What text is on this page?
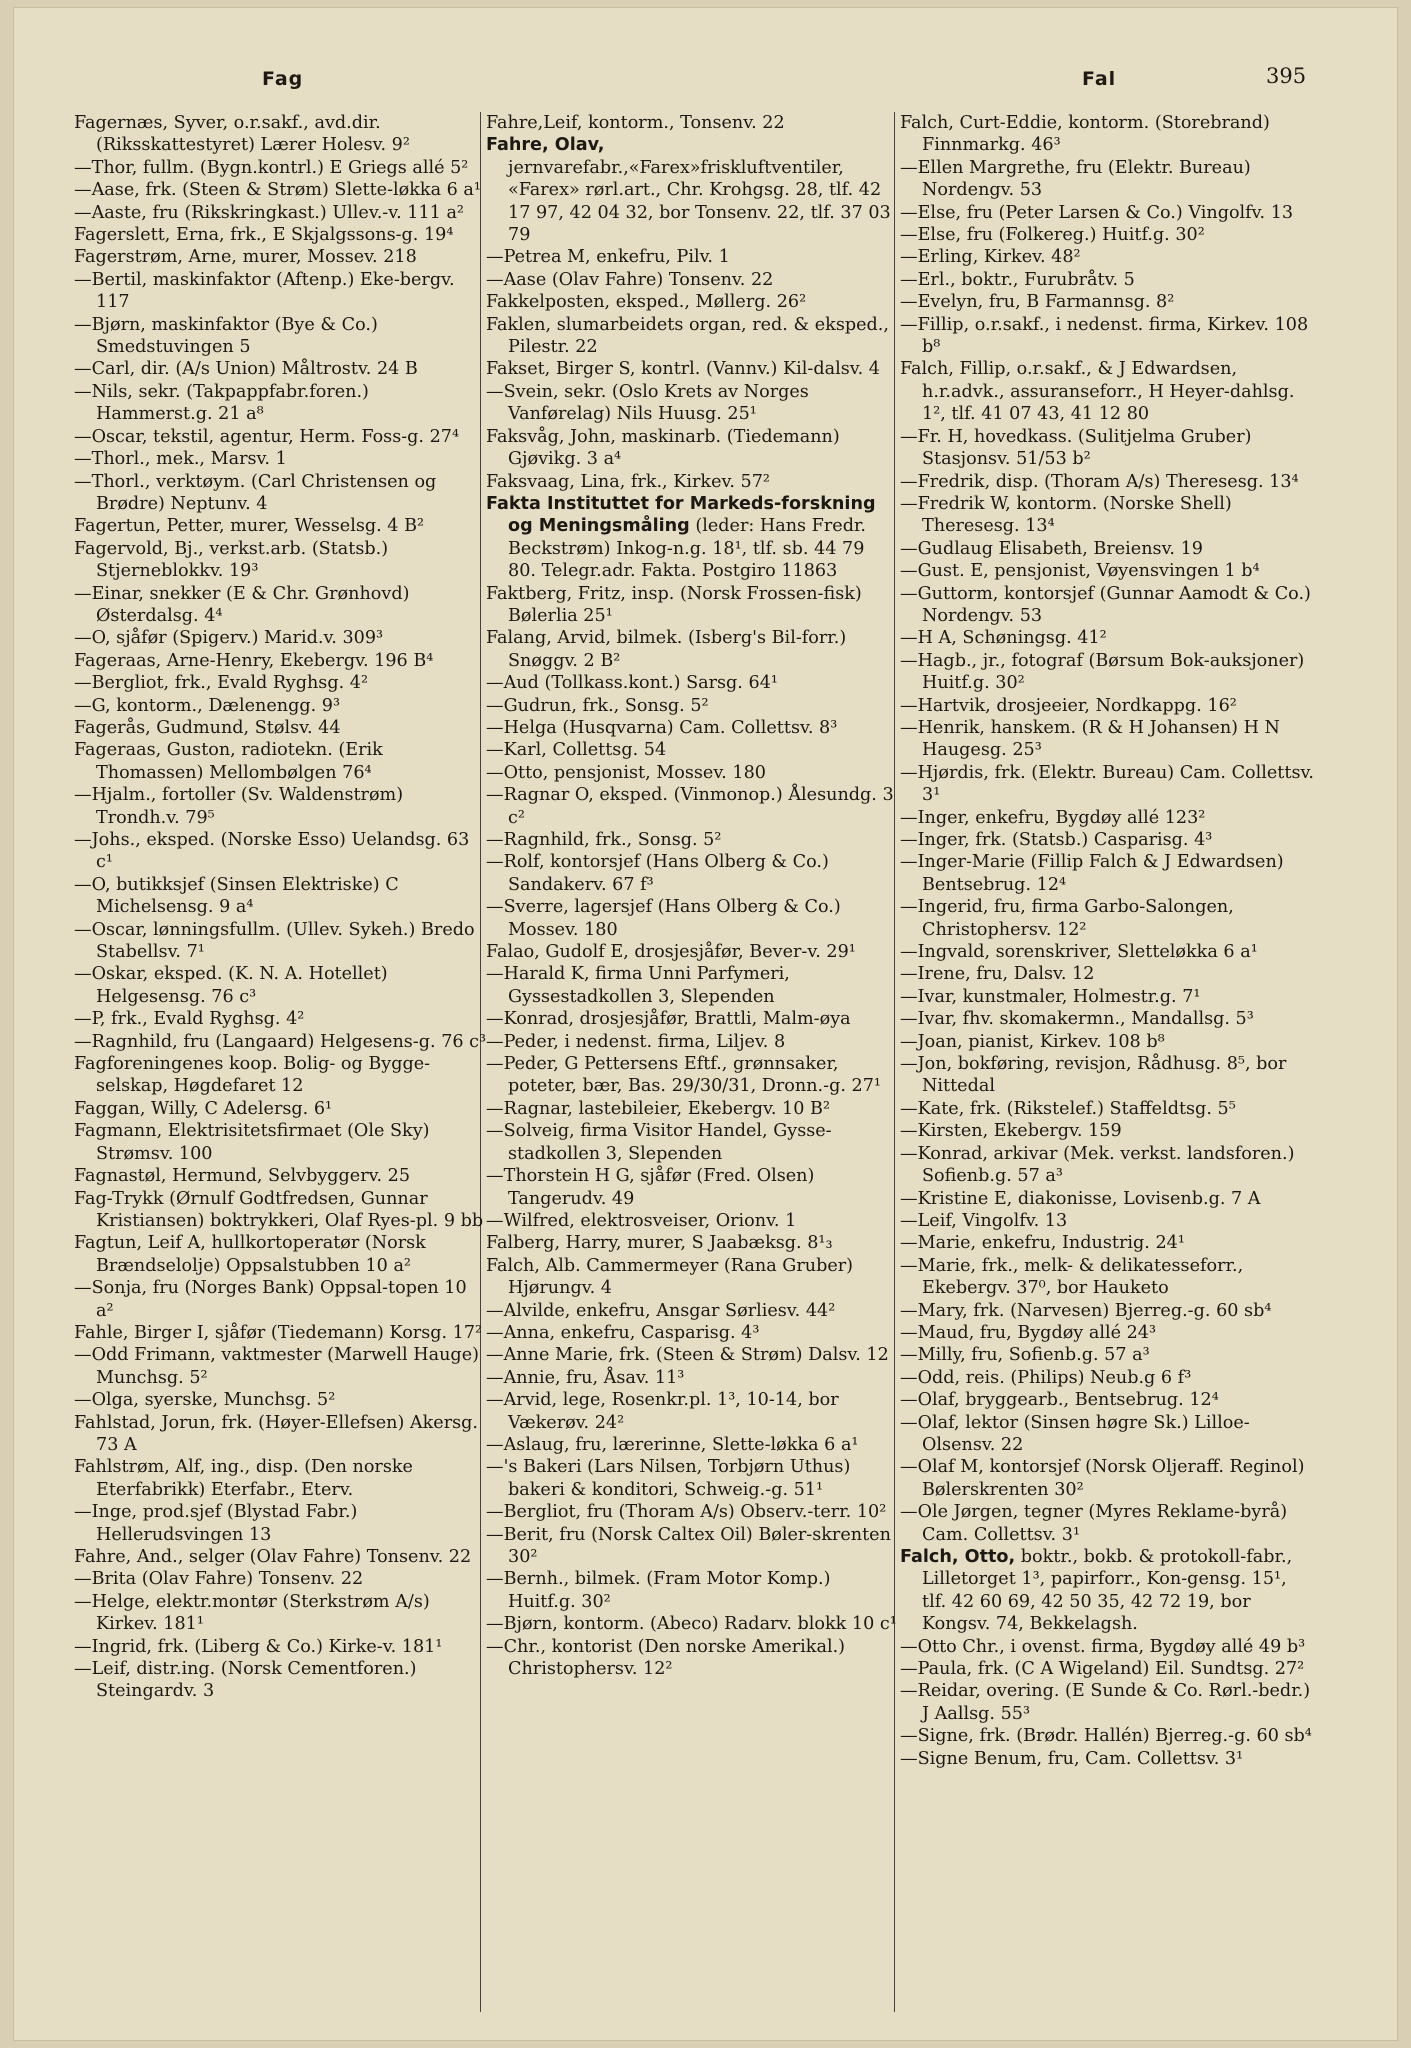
Fag	Fal	395

Fagernæs, Syver, o.r.sakf., avd.dir. (Riksskattestyret) Lærer Holesv. 9²

—Thor, fullm. (Bygn.kontrl.) E Griegs allé 5²

—Aase, frk. (Steen & Strøm) Slette-løkka 6 a¹

—Aaste, fru (Rikskringkast.) Ullev.-v. 111 a²

Fagerslett, Erna, frk., E Skjalgssons-g. 19⁴

Fagerstrøm, Arne, murer, Mossev. 218

—Bertil, maskinfaktor (Aftenp.) Eke-bergv. 117

—Bjørn, maskinfaktor (Bye & Co.) Smedstuvingen 5

—Carl, dir. (A/s Union) Måltrostv. 24 B

—Nils, sekr. (Takpappfabr.foren.) Hammerst.g. 21 a⁸

—Oscar, tekstil, agentur, Herm. Foss-g. 27⁴

—Thorl., mek., Marsv. 1

—Thorl., verktøym. (Carl Christensen og Brødre) Neptunv. 4

Fagertun, Petter, murer, Wesselsg. 4 B²

Fagervold, Bj., verkst.arb. (Statsb.) Stjerneblokkv. 19³

—Einar, snekker (E & Chr. Grønhovd) Østerdalsg. 4⁴

—O, sjåfør (Spigerv.) Marid.v. 309³

Fageraas, Arne-Henry, Ekebergv. 196 B⁴

—Bergliot, frk., Evald Ryghsg. 4²

—G, kontorm., Dælenengg. 9³

Fagerås, Gudmund, Stølsv. 44

Fageraas, Guston, radiotekn. (Erik Thomassen) Mellombølgen 76⁴

—Hjalm., fortoller (Sv. Waldenstrøm) Trondh.v. 79⁵

—Johs., eksped. (Norske Esso) Uelandsg. 63 c¹

—O, butikksjef (Sinsen Elektriske) C Michelsensg. 9 a⁴

—Oscar, lønningsfullm. (Ullev. Sykeh.) Bredo Stabellsv. 7¹

—Oskar, eksped. (K. N. A. Hotellet) Helgesensg. 76 c³

—P, frk., Evald Ryghsg. 4²

—Ragnhild, fru (Langaard) Helgesens-g. 76 c³

Fagforeningenes koop. Bolig- og Bygge-selskap, Høgdefaret 12

Faggan, Willy, C Adelersg. 6¹

Fagmann, Elektrisitetsfirmaet (Ole Sky) Strømsv. 100

Fagnastøl, Hermund, Selvbyggerv. 25

Fag-Trykk (Ørnulf Godtfredsen, Gunnar Kristiansen) boktrykkeri, Olaf Ryes-pl. 9 bb

Fagtun, Leif A, hullkortoperatør (Norsk Brændselolje) Oppsalstubben 10 a²

—Sonja, fru (Norges Bank) Oppsal-topen 10 a²

Fahle, Birger I, sjåfør (Tiedemann) Korsg. 17²

—Odd Frimann, vaktmester (Marwell Hauge) Munchsg. 5²

—Olga, syerske, Munchsg. 5²

Fahlstad, Jorun, frk. (Høyer-Ellefsen) Akersg. 73 A

Fahlstrøm, Alf, ing., disp. (Den norske Eterfabrikk) Eterfabr., Eterv.

—Inge, prod.sjef (Blystad Fabr.) Hellerudsvingen 13

Fahre, And., selger (Olav Fahre) Tonsenv. 22

—Brita (Olav Fahre) Tonsenv. 22

—Helge, elektr.montør (Sterkstrøm A/s) Kirkev. 181¹

—Ingrid, frk. (Liberg & Co.) Kirke-v. 181¹

—Leif, distr.ing. (Norsk Cementforen.) Steingardv. 3

Fahre,Leif, kontorm., Tonsenv. 22

Fahre, Olav, jernvarefabr.,«Farex»friskluftventiler, «Farex» rørl.art., Chr. Krohgsg. 28, tlf. 42 17 97, 42 04 32, bor Tonsenv. 22, tlf. 37 03 79

—Petrea M, enkefru, Pilv. 1

—Aase (Olav Fahre) Tonsenv. 22

Fakkelposten, eksped., Møllerg. 26²

Faklen, slumarbeidets organ, red. & eksped., Pilestr. 22

Fakset, Birger S, kontrl. (Vannv.) Kil-dalsv. 4

—Svein, sekr. (Oslo Krets av Norges Vanførelag) Nils Huusg. 25¹

Faksvåg, John, maskinarb. (Tiedemann) Gjøvikg. 3 a⁴

Faksvaag, Lina, frk., Kirkev. 57²

Fakta Instituttet for Markeds-forskning og Meningsmåling (leder: Hans Fredr. Beckstrøm) Inkog-n.g. 18¹, tlf. sb. 44 79 80. Telegr.adr. Fakta. Postgiro 11863

Faktberg, Fritz, insp. (Norsk Frossen-fisk) Bølerlia 25¹

Falang, Arvid, bilmek. (Isberg's Bil-forr.) Snøggv. 2 B²

—Aud (Tollkass.kont.) Sarsg. 64¹

—Gudrun, frk., Sonsg. 5²

—Helga (Husqvarna) Cam. Collettsv. 8³

—Karl, Collettsg. 54

—Otto, pensjonist, Mossev. 180

—Ragnar O, eksped. (Vinmonop.) Ålesundg. 3 c²

—Ragnhild, frk., Sonsg. 5²

—Rolf, kontorsjef (Hans Olberg & Co.) Sandakerv. 67 f³

—Sverre, lagersjef (Hans Olberg & Co.) Mossev. 180

Falao, Gudolf E, drosjesjåfør, Bever-v. 29¹

—Harald K, firma Unni Parfymeri, Gyssestadkollen 3, Slependen

—Konrad, drosjesjåfør, Brattli, Malm-øya

—Peder, i nedenst. firma, Liljev. 8

—Peder, G Pettersens Eftf., grønnsaker, poteter, bær, Bas. 29/30/31, Dronn.-g. 27¹

—Ragnar, lastebileier, Ekebergv. 10 B²

—Solveig, firma Visitor Handel, Gysse-stadkollen 3, Slependen

—Thorstein H G, sjåfør (Fred. Olsen) Tangerudv. 49

—Wilfred, elektrosveiser, Orionv. 1

Falberg, Harry, murer, S Jaabæksg. 8¹₃

Falch, Alb. Cammermeyer (Rana Gruber) Hjørungv. 4

—Alvilde, enkefru, Ansgar Sørliesv. 44²

—Anna, enkefru, Casparisg. 4³

—Anne Marie, frk. (Steen & Strøm) Dalsv. 12

—Annie, fru, Åsav. 11³

—Arvid, lege, Rosenkr.pl. 1³, 10-14, bor Vækerøv. 24²

—Aslaug, fru, lærerinne, Slette-løkka 6 a¹

—'s Bakeri (Lars Nilsen, Torbjørn Uthus) bakeri & konditori, Schweig.-g. 51¹

—Bergliot, fru (Thoram A/s) Observ.-terr. 10²

—Berit, fru (Norsk Caltex Oil) Bøler-skrenten 30²

—Bernh., bilmek. (Fram Motor Komp.) Huitf.g. 30²

—Bjørn, kontorm. (Abeco) Radarv. blokk 10 c¹

—Chr., kontorist (Den norske Amerikal.) Christophersv. 12²

Falch, Curt-Eddie, kontorm. (Storebrand) Finnmarkg. 46³

—Ellen Margrethe, fru (Elektr. Bureau) Nordengv. 53

—Else, fru (Peter Larsen & Co.) Vingolfv. 13

—Else, fru (Folkereg.) Huitf.g. 30²

—Erling, Kirkev. 48²

—Erl., boktr., Furubråtv. 5

—Evelyn, fru, B Farmannsg. 8²

—Fillip, o.r.sakf., i nedenst. firma, Kirkev. 108 b⁸

Falch, Fillip, o.r.sakf., & J Edwardsen, h.r.advk., assuranseforr., H Heyer-dahlsg. 1², tlf. 41 07 43, 41 12 80

—Fr. H, hovedkass. (Sulitjelma Gruber) Stasjonsv. 51/53 b²

—Fredrik, disp. (Thoram A/s) Theresesg. 13⁴

—Fredrik W, kontorm. (Norske Shell) Theresesg. 13⁴

—Gudlaug Elisabeth, Breiensv. 19

—Gust. E, pensjonist, Vøyensvingen 1 b⁴

—Guttorm, kontorsjef (Gunnar Aamodt & Co.) Nordengv. 53

—H A, Schøningsg. 41²

—Hagb., jr., fotograf (Børsum Bok-auksjoner) Huitf.g. 30²

—Hartvik, drosjeeier, Nordkappg. 16²

—Henrik, hanskem. (R & H Johansen) H N Haugesg. 25³

—Hjørdis, frk. (Elektr. Bureau) Cam. Collettsv. 3¹

—Inger, enkefru, Bygdøy allé 123²

—Inger, frk. (Statsb.) Casparisg. 4³

—Inger-Marie (Fillip Falch & J Edwardsen) Bentsebrug. 12⁴

—Ingerid, fru, firma Garbo-Salongen, Christophersv. 12²

—Ingvald, sorenskriver, Sletteløkka 6 a¹

—Irene, fru, Dalsv. 12

—Ivar, kunstmaler, Holmestr.g. 7¹

—Ivar, fhv. skomakermn., Mandallsg. 5³

—Joan, pianist, Kirkev. 108 b⁸

—Jon, bokføring, revisjon, Rådhusg. 8⁵, bor Nittedal

—Kate, frk. (Rikstelef.) Staffeldtsg. 5⁵

—Kirsten, Ekebergv. 159

—Konrad, arkivar (Mek. verkst. landsforen.) Sofienb.g. 57 a³

—Kristine E, diakonisse, Lovisenb.g. 7 A

—Leif, Vingolfv. 13

—Marie, enkefru, Industrig. 24¹

—Marie, frk., melk- & delikatesseforr., Ekebergv. 37⁰, bor Hauketo

—Mary, frk. (Narvesen) Bjerreg.-g. 60 sb⁴

—Maud, fru, Bygdøy allé 24³

—Milly, fru, Sofienb.g. 57 a³

—Odd, reis. (Philips) Neub.g 6 f³

—Olaf, bryggearb., Bentsebrug. 12⁴

—Olaf, lektor (Sinsen høgre Sk.) Lilloe-Olsensv. 22

—Olaf M, kontorsjef (Norsk Oljeraff. Reginol) Bølerskrenten 30²

—Ole Jørgen, tegner (Myres Reklame-byrå) Cam. Collettsv. 3¹

Falch, Otto, boktr., bokb. & protokoll-fabr., Lilletorget 1³, papirforr., Kon-gensg. 15¹, tlf. 42 60 69, 42 50 35, 42 72 19, bor Kongsv. 74, Bekkelagsh.

—Otto Chr., i ovenst. firma, Bygdøy allé 49 b³

—Paula, frk. (C A Wigeland) Eil. Sundtsg. 27²

—Reidar, overing. (E Sunde & Co. Rørl.-bedr.) J Aallsg. 55³

—Signe, frk. (Brødr. Hallén) Bjerreg.-g. 60 sb⁴

—Signe Benum, fru, Cam. Collettsv. 3¹
